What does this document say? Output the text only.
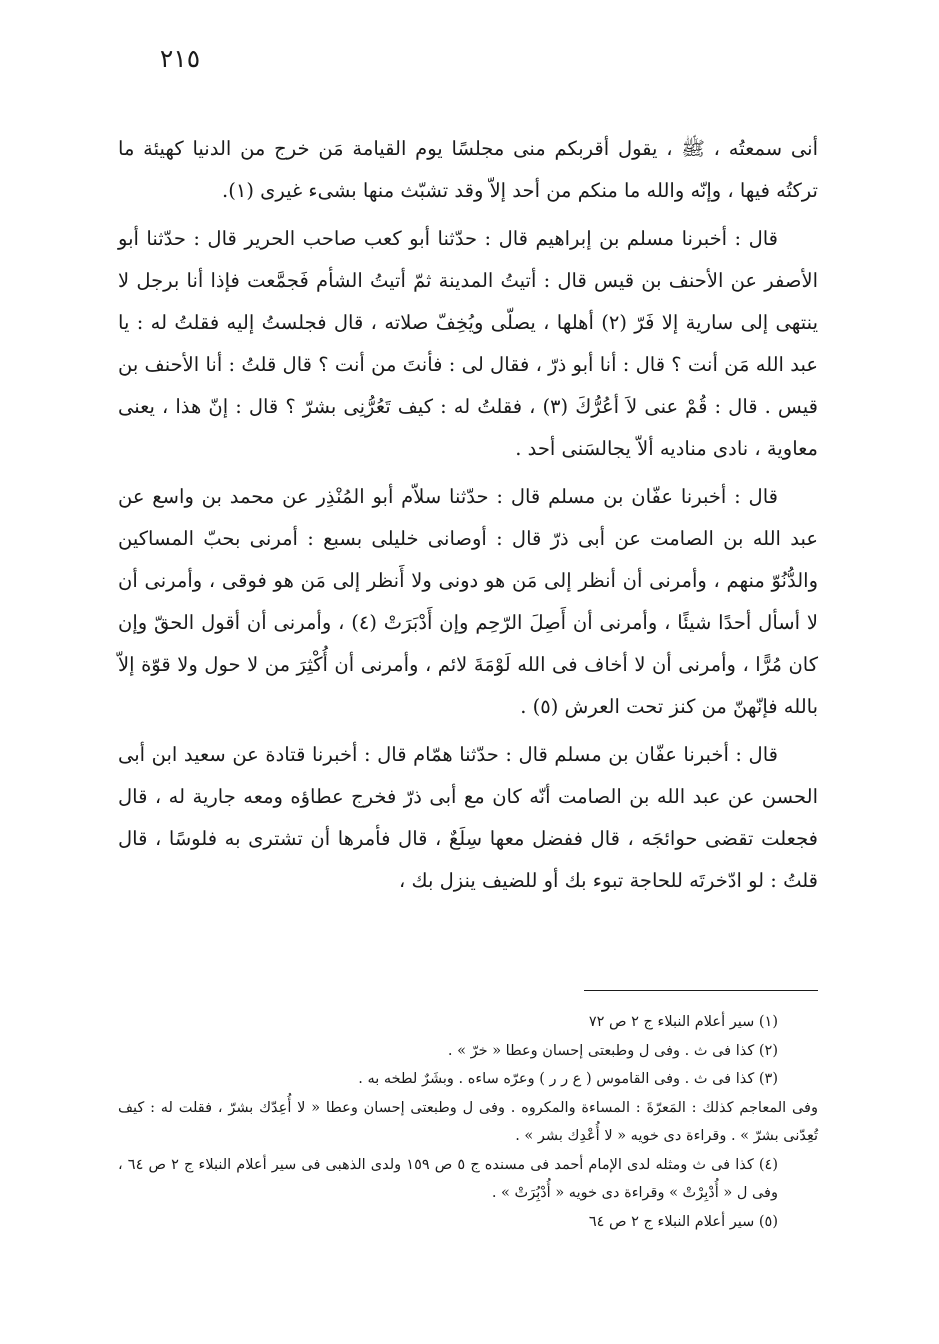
٢١٥

أنى سمعتُه ، ﷺ ، يقول أقربكم منى مجلسًا يوم القيامة مَن خرج من الدنيا كهيئة ما تركتُه فيها ، وإنّه والله ما منكم من أحد إلاّ وقد تشبّث منها بشىء غيرى (١).

قال : أخبرنا مسلم بن إبراهيم قال : حدّثنا أبو كعب صاحب الحرير قال : حدّثنا أبو الأصفر عن الأحنف بن قيس قال : أتيتُ المدينة ثمّ أتيتُ الشأم فَجمَّعت فإذا أنا برجل لا ينتهى إلى سارية إلا فَرّ (٢) أهلها ، يصلّى ويُخِفّ صلاته ، قال فجلستُ إليه فقلتُ له : يا عبد الله مَن أنت ؟ قال : أنا أبو ذرّ ، فقال لى : فأنتَ من أنت ؟ قال قلتُ : أنا الأحنف بن قيس . قال : قُمْ عنى لاَ أعُرُّكَ (٣) ، فقلتُ له : كيف تَعُرُّنِى بشرّ ؟ قال : إنّ هذا ، يعنى معاوية ، نادى مناديه ألاّ يجالسَنى أحد .

قال : أخبرنا عفّان بن مسلم قال : حدّثنا سلاّم أبو المُنْذِر عن محمد بن واسع عن عبد الله بن الصامت عن أبى ذرّ قال : أوصانى خليلى بسبع : أمرنى بحبّ المساكين والدُّنُوّ منهم ، وأمرنى أن أنظر إلى مَن هو دونى ولا أَنظر إلى مَن هو فوقى ، وأمرنى أن لا أسأل أحدًا شيئًا ، وأمرنى أن أَصِلَ الرّحِم وإن أَدْبَرَتْ (٤) ، وأمرنى أن أقول الحقّ وإن كان مُرًّا ، وأمرنى أن لا أخاف فى الله لَوْمَةَ لائم ، وأمرنى أن أُكْثِرَ من لا حول ولا قوّة إلاّ بالله فإنّهنّ من كنز تحت العرش (٥) .

قال : أخبرنا عفّان بن مسلم قال : حدّثنا همّام قال : أخبرنا قتادة عن سعيد ابن أبى الحسن عن عبد الله بن الصامت أنّه كان مع أبى ذرّ فخرج عطاؤه ومعه جارية له ، قال فجعلت تقضى حوائجَه ، قال ففضل معها سِلَعٌ ، قال فأمرها أن تشترى به فلوسًا ، قال قلتُ : لو ادّخرتَه للحاجة تبوء بك أو للضيف ينزل بك ،

(١) سير أعلام النبلاء ج ٢ ص ٧٢

(٢) كذا فى ث . وفى ل وطبعتى إحسان وعطا « خرّ » .

(٣) كذا فى ث . وفى القاموس ( ع ر ر ) وعرّه ساءه . وبشَرٌ لطخه به .

وفى المعاجم كذلك : المَعرّةَ : المساءة والمكروه . وفى ل وطبعتى إحسان وعطا « لا أُعِدّك بشرّ ، فقلت له : كيف تُعِدّنى بشرّ » . وقراءة دى خويه « لا أُعْدِك بشر » .

(٤) كذا فى ث ومثله لدى الإمام أحمد فى مسنده ج ٥ ص ١٥٩ ولدى الذهبى فى سير أعلام النبلاء ج ٢ ص ٦٤ ، وفى ل « أُدْبِرْتْ » وقراءة دى خويه « أُدْبُِرَتْ » .

(٥) سير أعلام النبلاء ج ٢ ص ٦٤
